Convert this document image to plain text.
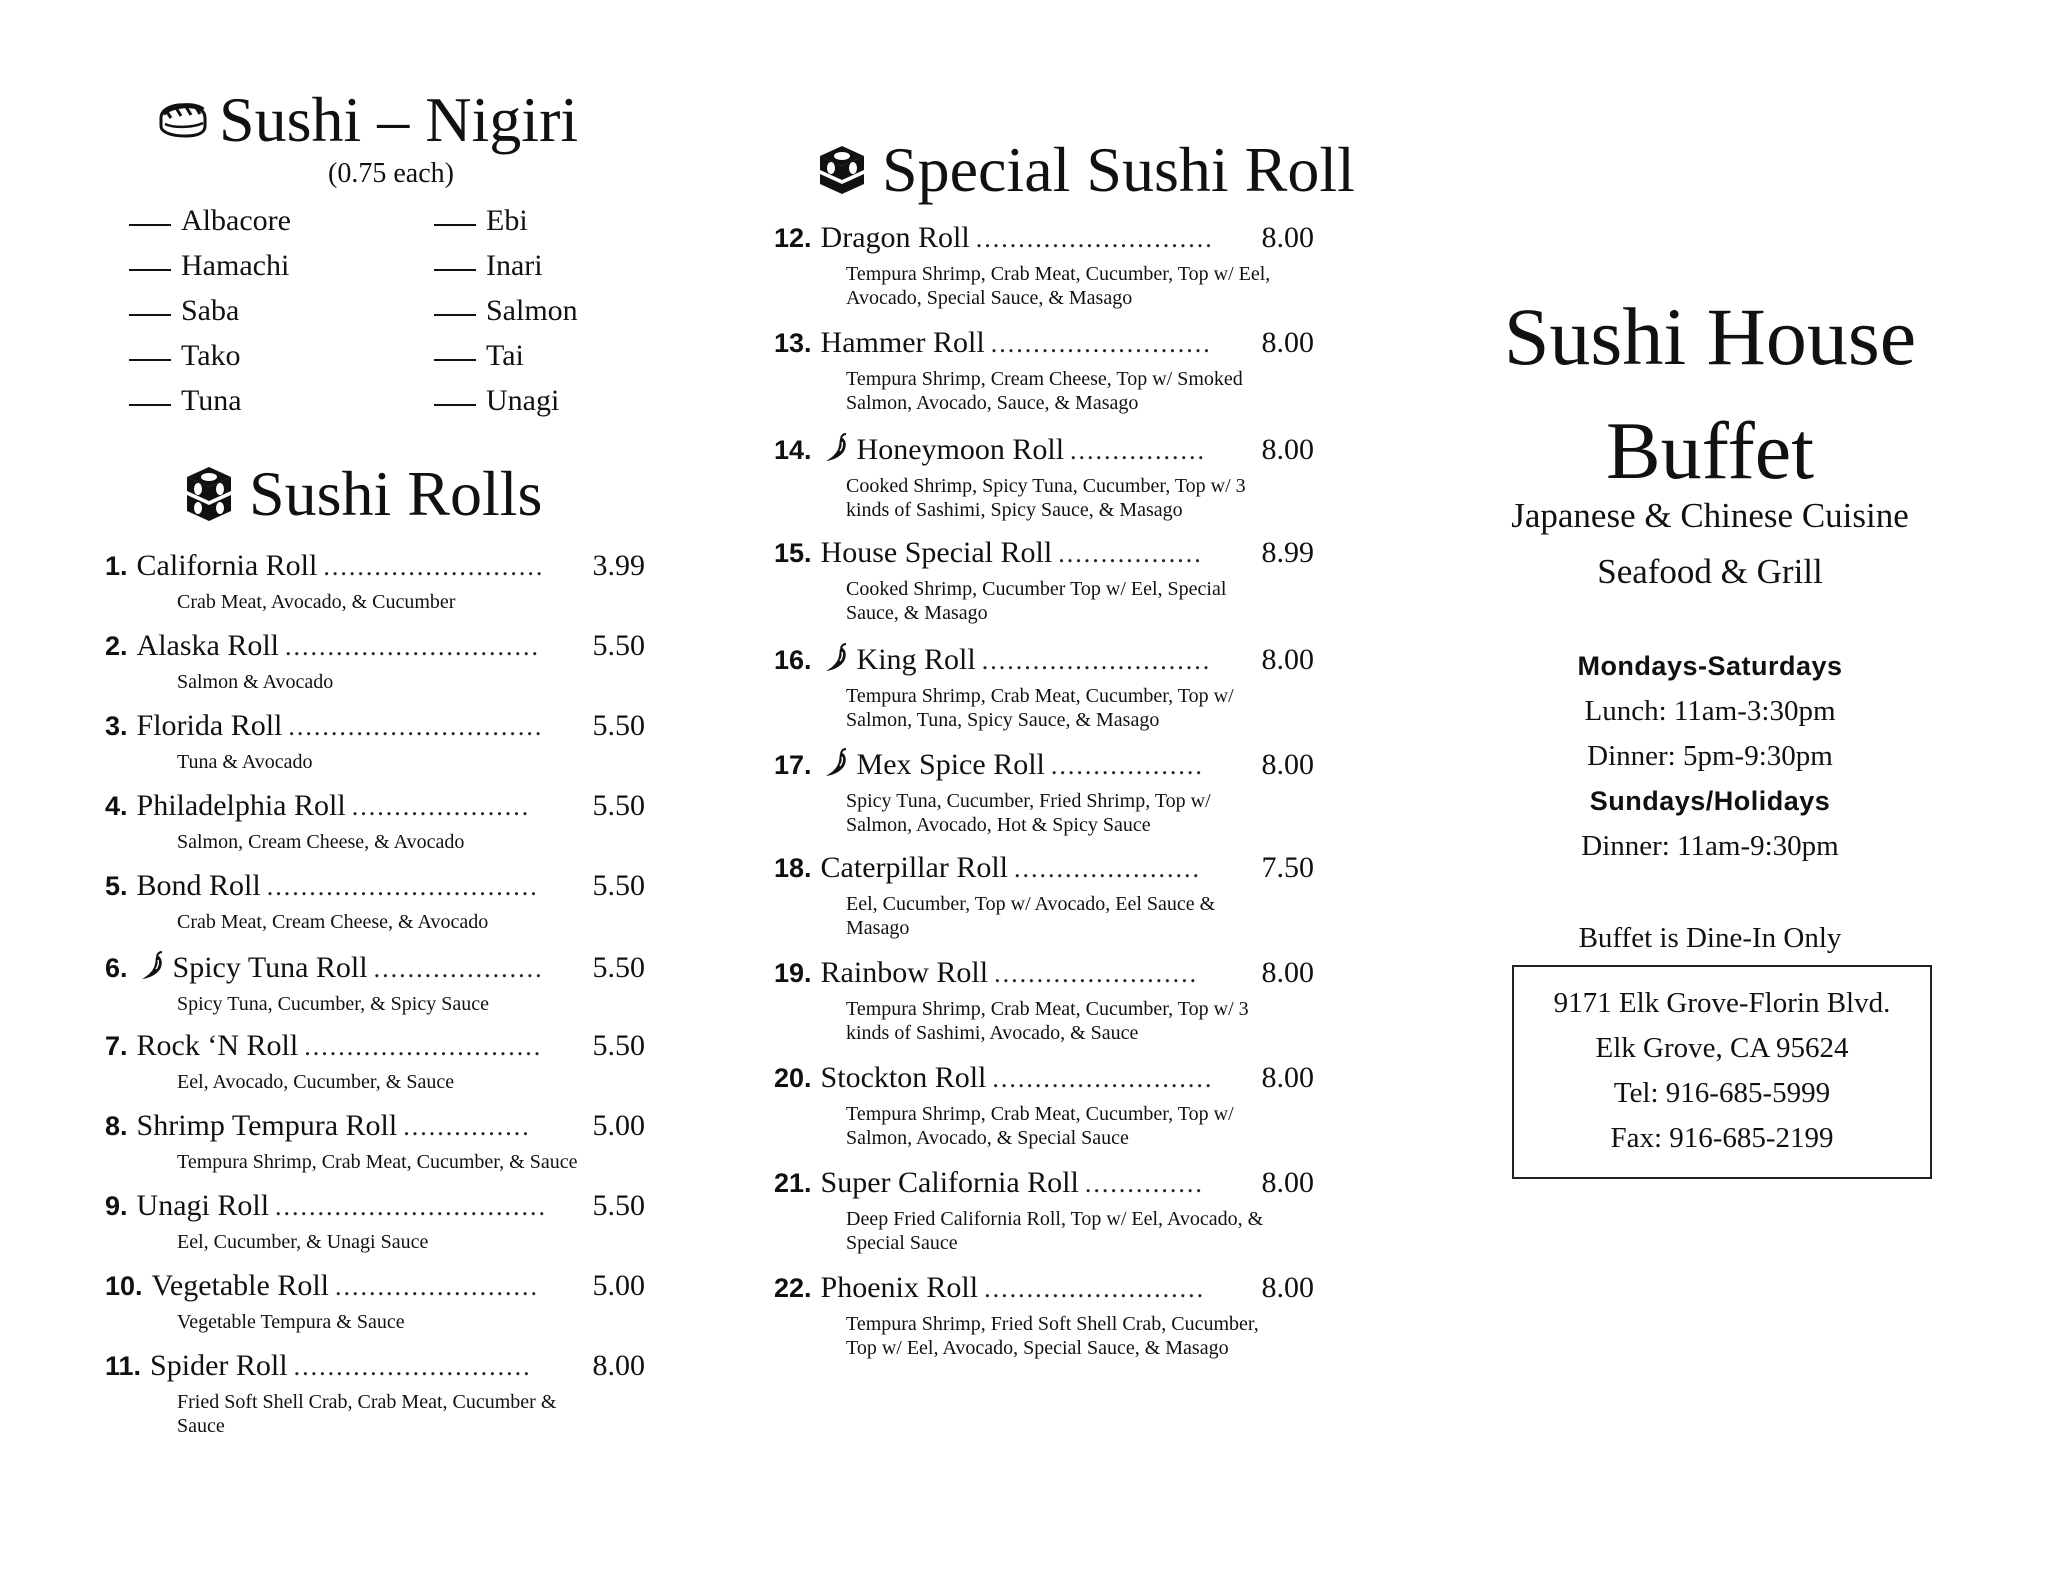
Sushi – Nigiri
(0.75 each)
Albacore	Ebi
Hamachi	Inari
Saba	Salmon
Tako	Tai
Tuna	Unagi
Sushi Rolls
1. California Roll ..........................	3.99
Crab Meat, Avocado, & Cucumber
2. Alaska Roll ..............................	5.50
Salmon & Avocado
3. Florida Roll ..............................	5.50
Tuna & Avocado
4. Philadelphia Roll .....................	5.50
Salmon, Cream Cheese, & Avocado
5. Bond Roll ................................	5.50
Crab Meat, Cream Cheese, & Avocado
6. Spicy Tuna Roll ....................	5.50
Spicy Tuna, Cucumber, & Spicy Sauce
7. Rock ‘N Roll ............................	5.50
Eel, Avocado, Cucumber, & Sauce
8. Shrimp Tempura Roll ...............	5.00
Tempura Shrimp, Crab Meat, Cucumber, & Sauce
9. Unagi Roll ................................	5.50
Eel, Cucumber, & Unagi Sauce
10. Vegetable Roll ........................	5.00
Vegetable Tempura & Sauce
11. Spider Roll ............................	8.00
Fried Soft Shell Crab, Crab Meat, Cucumber & Sauce
Special Sushi Roll
12. Dragon Roll ............................	8.00
Tempura Shrimp, Crab Meat, Cucumber, Top w/ Eel, Avocado, Special Sauce, & Masago
13. Hammer Roll ..........................	8.00
Tempura Shrimp, Cream Cheese, Top w/ Smoked Salmon, Avocado, Sauce, & Masago
14. Honeymoon Roll ................	8.00
Cooked Shrimp, Spicy Tuna, Cucumber, Top w/ 3 kinds of Sashimi, Spicy Sauce, & Masago
15. House Special Roll .................	8.99
Cooked Shrimp, Cucumber Top w/ Eel, Special Sauce, & Masago
16. King Roll ...........................	8.00
Tempura Shrimp, Crab Meat, Cucumber, Top w/ Salmon, Tuna, Spicy Sauce, & Masago
17. Mex Spice Roll ..................	8.00
Spicy Tuna, Cucumber, Fried Shrimp, Top w/ Salmon, Avocado, Hot & Spicy Sauce
18. Caterpillar Roll ......................	7.50
Eel, Cucumber, Top w/ Avocado, Eel Sauce & Masago
19. Rainbow Roll ........................	8.00
Tempura Shrimp, Crab Meat, Cucumber, Top w/ 3 kinds of Sashimi, Avocado, & Sauce
20. Stockton Roll ..........................	8.00
Tempura Shrimp, Crab Meat, Cucumber, Top w/ Salmon, Avocado, & Special Sauce
21. Super California Roll ..............	8.00
Deep Fried California Roll, Top w/ Eel, Avocado, & Special Sauce
22. Phoenix Roll ..........................	8.00
Tempura Shrimp, Fried Soft Shell Crab, Cucumber, Top w/ Eel, Avocado, Special Sauce, & Masago
Sushi House
Buffet
Japanese & Chinese Cuisine
Seafood & Grill
Mondays-Saturdays
Lunch: 11am-3:30pm
Dinner: 5pm-9:30pm
Sundays/Holidays
Dinner: 11am-9:30pm
Buffet is Dine-In Only
9171 Elk Grove-Florin Blvd.
Elk Grove, CA 95624
Tel: 916-685-5999
Fax: 916-685-2199
